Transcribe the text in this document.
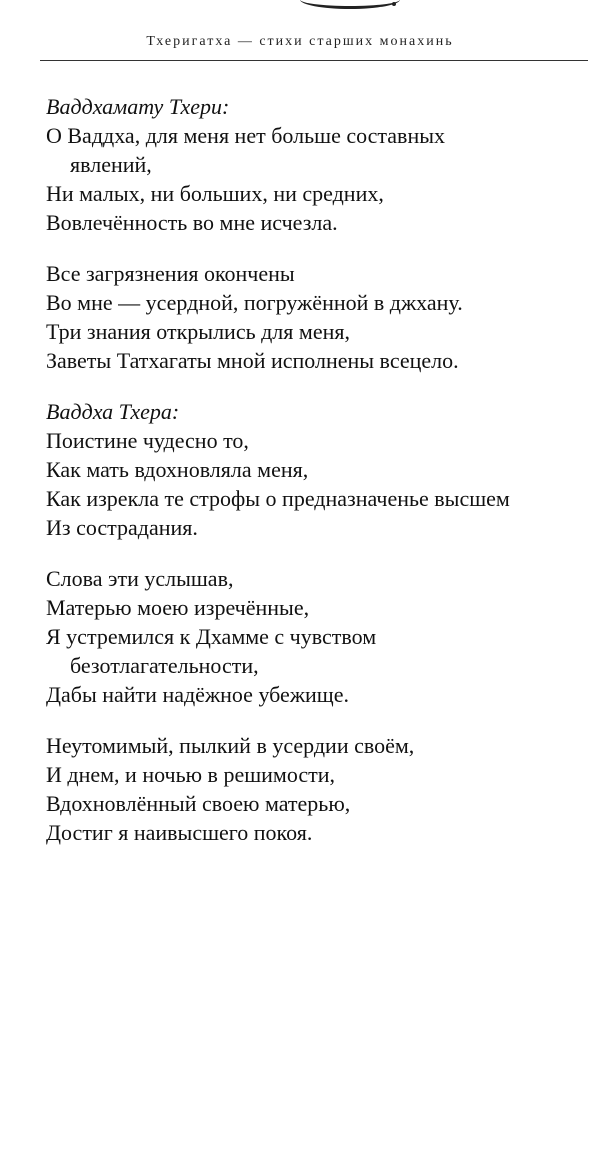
Тхеригатха — стихи старших монахинь
Ваддхамату Тхери:
О Ваддха, для меня нет больше составных
явлений,
Ни малых, ни больших, ни средних,
Вовлечённость во мне исчезла.
Все загрязнения окончены
Во мне — усердной, погружённой в джхану.
Три знания открылись для меня,
Заветы Татхагаты мной исполнены всецело.
Ваддха Тхера:
Поистине чудесно то,
Как мать вдохновляла меня,
Как изрекла те строфы о предназначенье высшем
Из сострадания.
Слова эти услышав,
Матерью моею изречённые,
Я устремился к Дхамме с чувством
безотлагательности,
Дабы найти надёжное убежище.
Неутомимый, пылкий в усердии своём,
И днем, и ночью в решимости,
Вдохновлённый своею матерью,
Достиг я наивысшего покоя.
